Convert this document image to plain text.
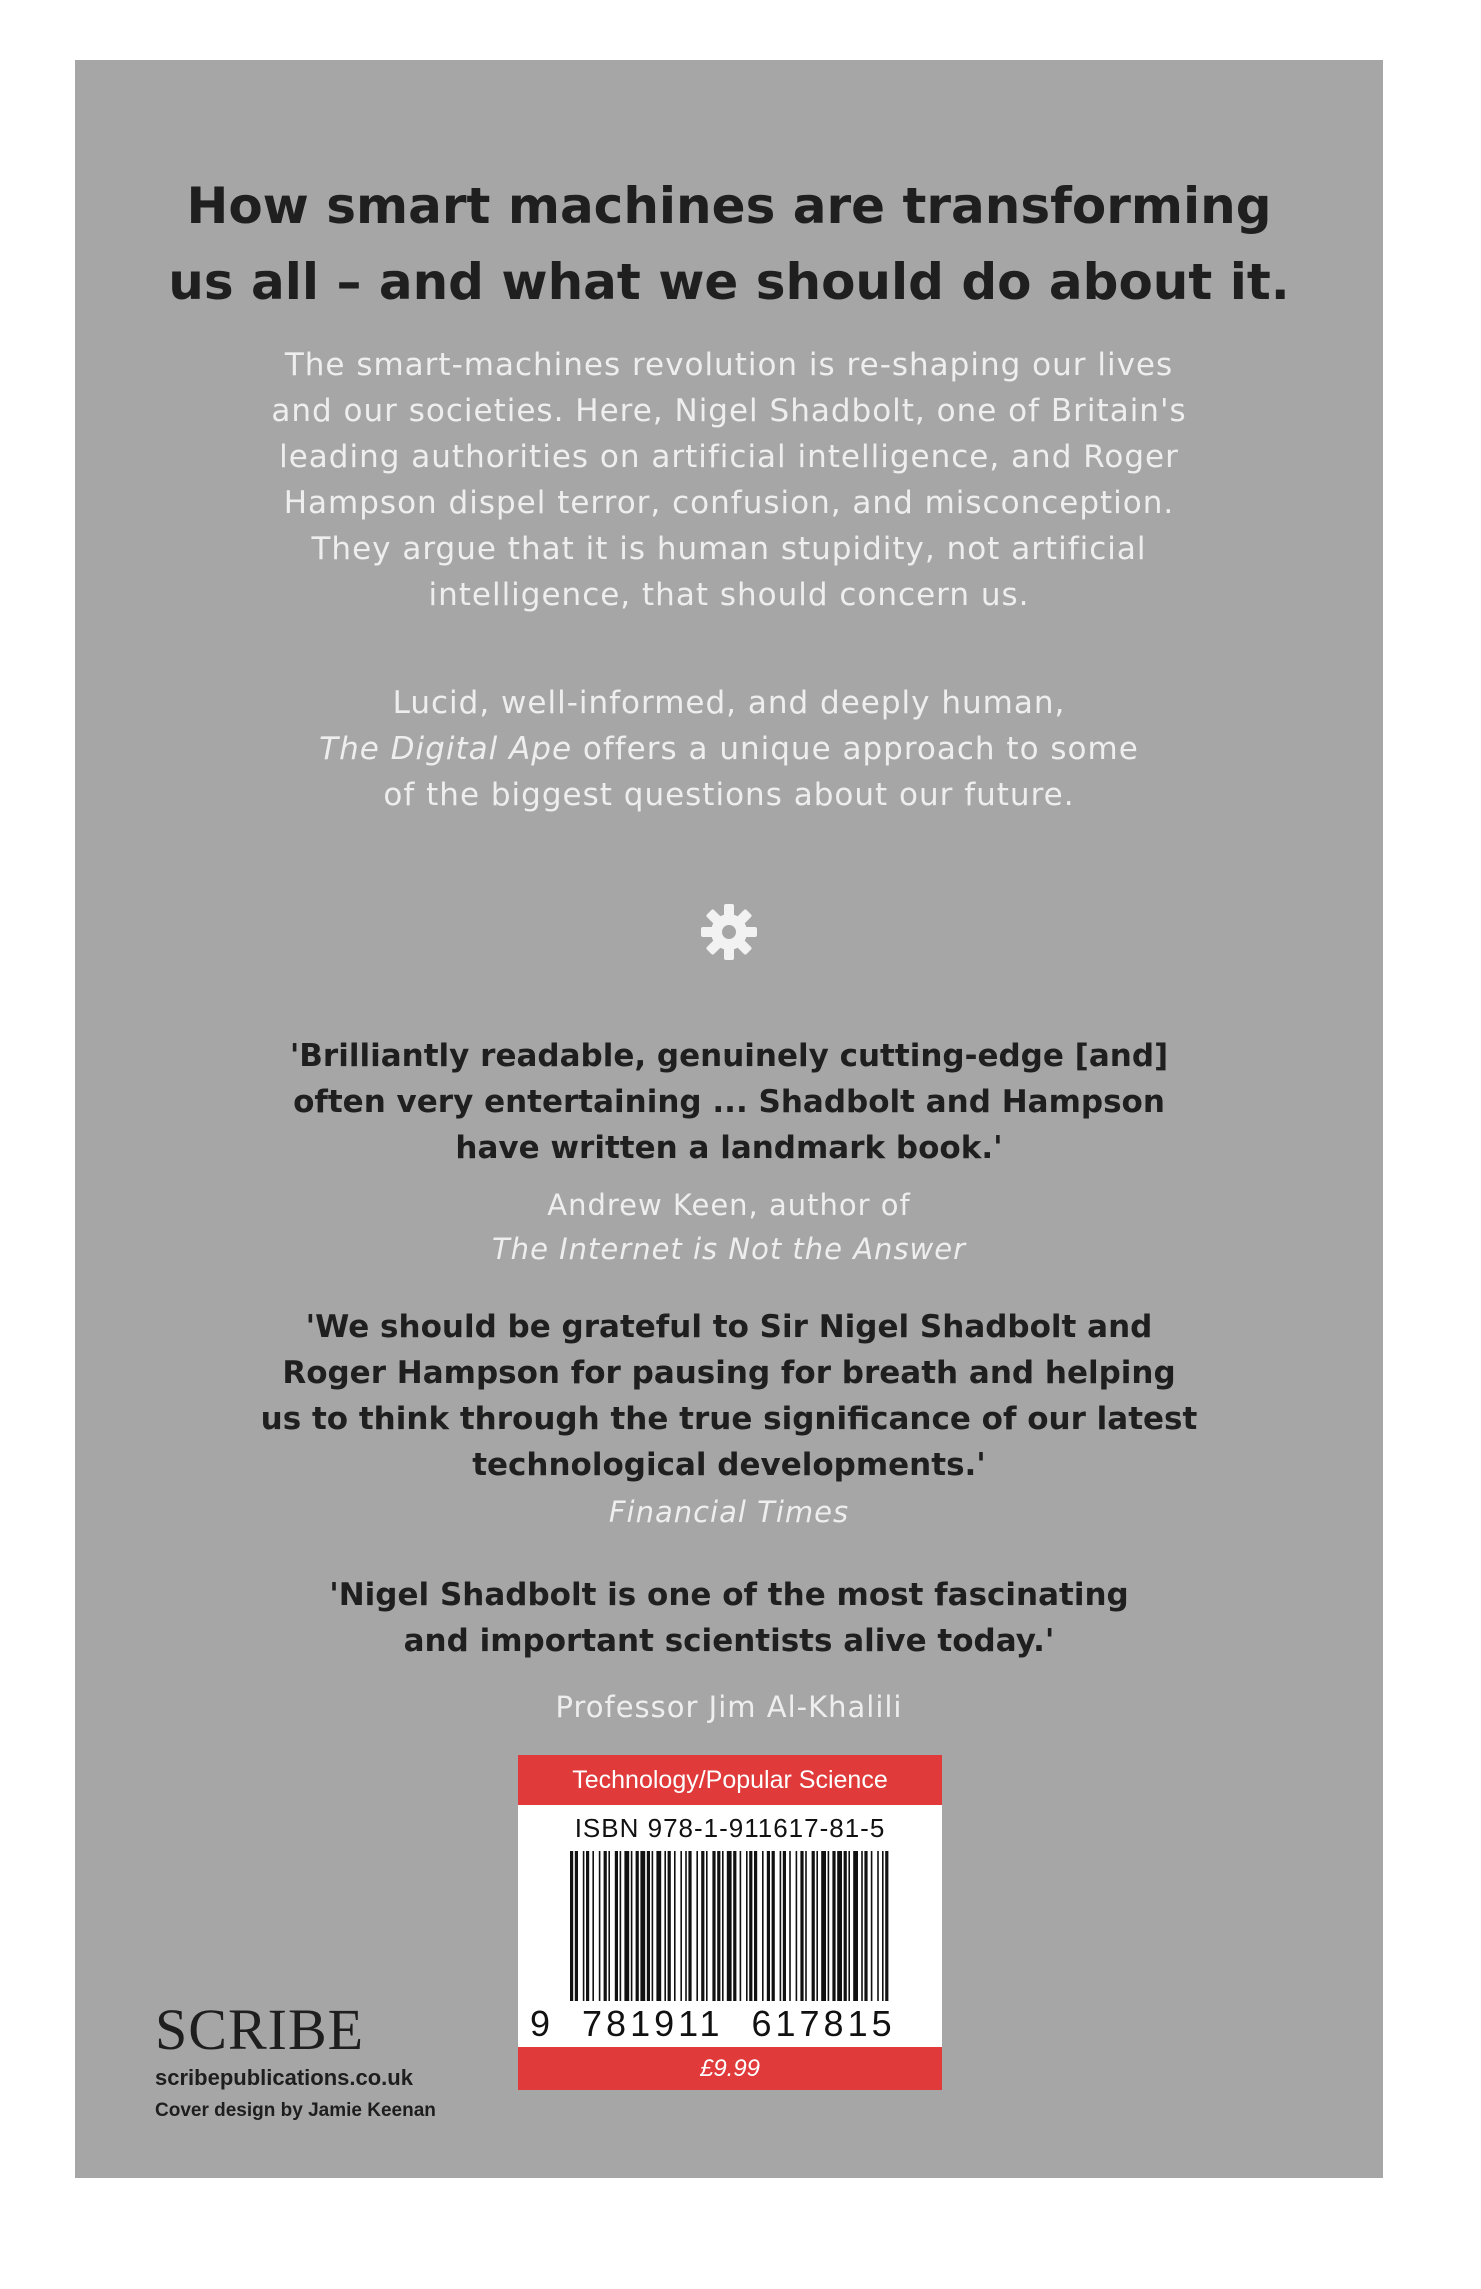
How smart machines are transforming
us all – and what we should do about it.
The smart-machines revolution is re-shaping our lives
and our societies. Here, Nigel Shadbolt, one of Britain's
leading authorities on artificial intelligence, and Roger
Hampson dispel terror, confusion, and misconception.
They argue that it is human stupidity, not artificial
intelligence, that should concern us.
Lucid, well-informed, and deeply human,
The Digital Ape offers a unique approach to some
of the biggest questions about our future.
'Brilliantly readable, genuinely cutting-edge [and]
often very entertaining ... Shadbolt and Hampson
have written a landmark book.'
Andrew Keen, author of
The Internet is Not the Answer
'We should be grateful to Sir Nigel Shadbolt and
Roger Hampson for pausing for breath and helping
us to think through the true significance of our latest
technological developments.'
Financial Times
'Nigel Shadbolt is one of the most fascinating
and important scientists alive today.'
Professor Jim Al-Khalili
SCRIBE
scribepublications.co.uk
Cover design by Jamie Keenan
Technology/Popular Science
ISBN 978-1-911617-81-5
9  781911  617815
£9.99
